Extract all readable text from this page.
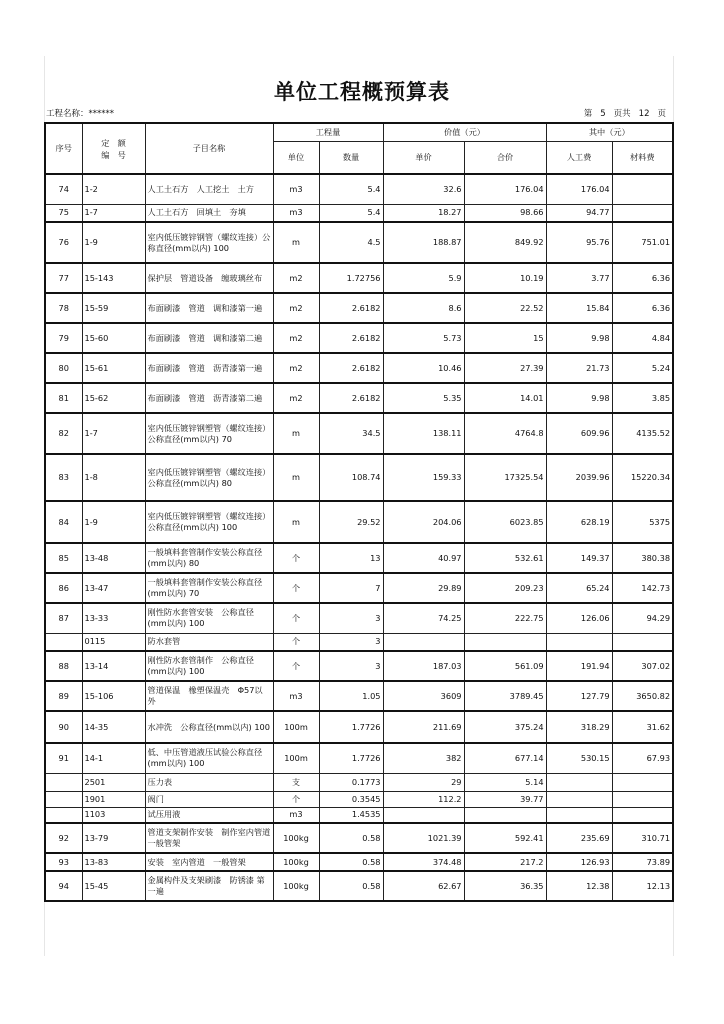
单位工程概预算表
工程名称：******	第 5 页共 12 页
序号	定　额
编　号	子目名称	工程量		价值（元）		其中（元）	
			单位	数量	单价	合价	人工费	材料费
74	1-2	人工土石方　人工挖土　土方	m3	5.4	32.6	176.04	176.04	
75	1-7	人工土石方　回填土　夯填	m3	5.4	18.27	98.66	94.77	
76	1-9	室内低压镀锌钢管（螺纹连接）公称直径(mm以内) 100	m	4.5	188.87	849.92	95.76	751.01
77	15-143	保护层　管道设备　缠玻璃丝布	m2	1.72756	5.9	10.19	3.77	6.36
78	15-59	布面刷漆　管道　调和漆第一遍	m2	2.6182	8.6	22.52	15.84	6.36
79	15-60	布面刷漆　管道　调和漆第二遍	m2	2.6182	5.73	15	9.98	4.84
80	15-61	布面刷漆　管道　沥青漆第一遍	m2	2.6182	10.46	27.39	21.73	5.24
81	15-62	布面刷漆　管道　沥青漆第二遍	m2	2.6182	5.35	14.01	9.98	3.85
82	1-7	室内低压镀锌钢塑管（螺纹连接）公称直径(mm以内) 70	m	34.5	138.11	4764.8	609.96	4135.52
83	1-8	室内低压镀锌钢塑管（螺纹连接）公称直径(mm以内) 80	m	108.74	159.33	17325.54	2039.96	15220.34
84	1-9	室内低压镀锌钢塑管（螺纹连接）公称直径(mm以内) 100	m	29.52	204.06	6023.85	628.19	5375
85	13-48	一般填料套管制作安装公称直径(mm以内) 80	个	13	40.97	532.61	149.37	380.38
86	13-47	一般填料套管制作安装公称直径(mm以内) 70	个	7	29.89	209.23	65.24	142.73
87	13-33	刚性防水套管安装　公称直径(mm以内) 100	个	3	74.25	222.75	126.06	94.29
	0115	防水套管	个	3				
88	13-14	刚性防水套管制作　公称直径(mm以内) 100	个	3	187.03	561.09	191.94	307.02
89	15-106	管道保温　橡塑保温壳　Φ57以外	m3	1.05	3609	3789.45	127.79	3650.82
90	14-35	水冲洗　公称直径(mm以内) 100	100m	1.7726	211.69	375.24	318.29	31.62
91	14-1	低、中压管道液压试验公称直径(mm以内) 100	100m	1.7726	382	677.14	530.15	67.93
	2501	压力表	支	0.1773	29	5.14		
	1901	阀门	个	0.3545	112.2	39.77		
	1103	试压用液	m3	1.4535				
92	13-79	管道支架制作安装　制作室内管道　一般管架	100kg	0.58	1021.39	592.41	235.69	310.71
93	13-83	安装　室内管道　一般管架	100kg	0.58	374.48	217.2	126.93	73.89
94	15-45	金属构件及支架刷漆　防锈漆 第一遍	100kg	0.58	62.67	36.35	12.38	12.13
